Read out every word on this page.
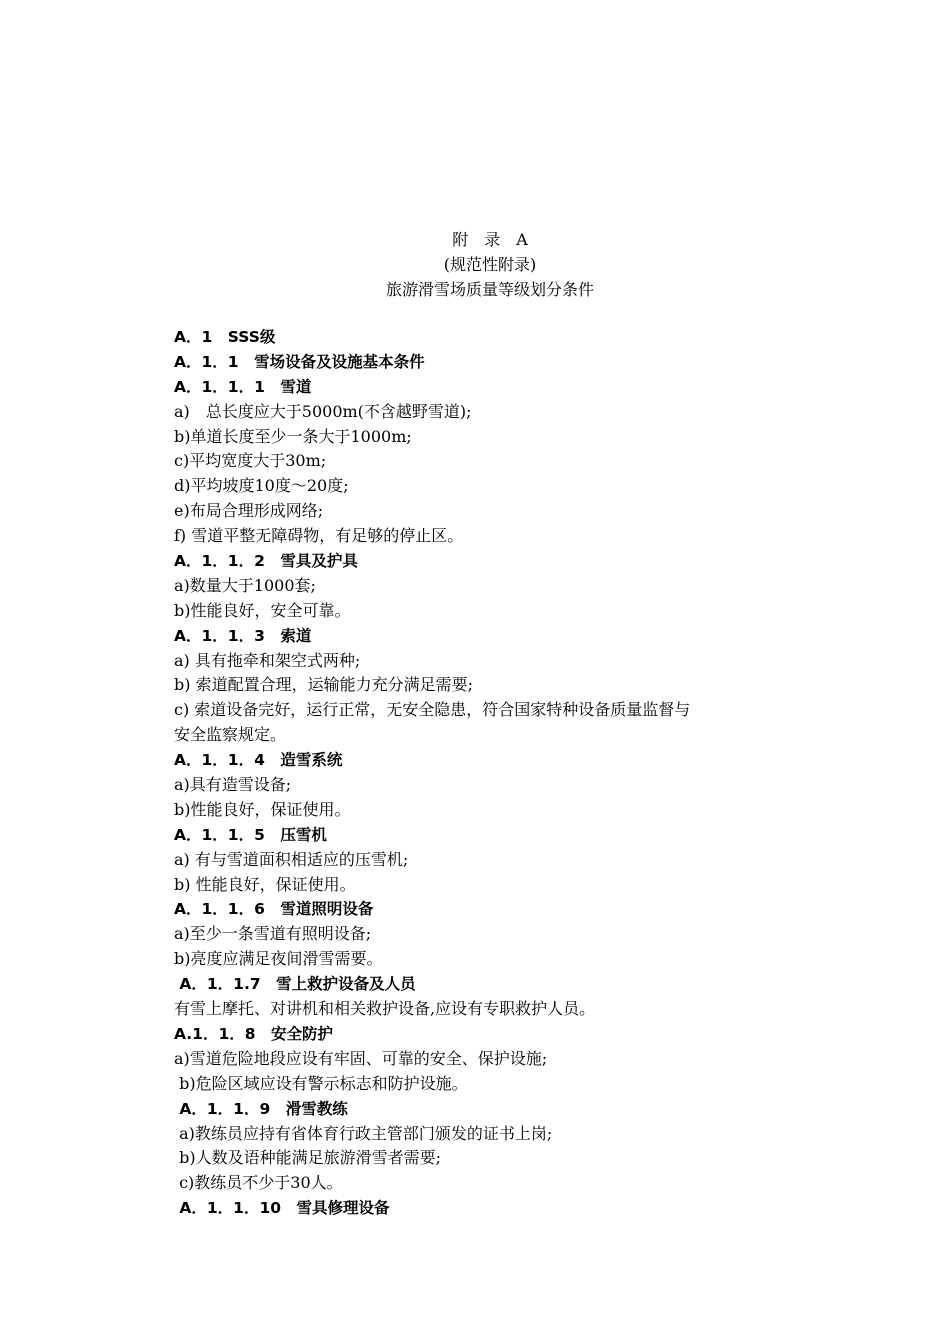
附　录　A
(规范性附录)
旅游滑雪场质量等级划分条件
A．1　SSS级
A．1．1　雪场设备及设施基本条件
A．1．1．1　雪道
a)　总长度应大于5000m(不含越野雪道);
b)单道长度至少一条大于1000m;
c)平均宽度大于30m;
d)平均坡度10度～20度;
e)布局合理形成网络;
f) 雪道平整无障碍物，有足够的停止区。
A．1．1．2　雪具及护具
a)数量大于1000套;
b)性能良好，安全可靠。
A．1．1．3　索道
a) 具有拖牵和架空式两种;
b) 索道配置合理，运输能力充分满足需要;
c) 索道设备完好，运行正常，无安全隐患，符合国家特种设备质量监督与
安全监察规定。
A．1．1．4　造雪系统
a)具有造雪设备;
b)性能良好，保证使用。
A．1．1．5　压雪机
a) 有与雪道面积相适应的压雪机;
b) 性能良好，保证使用。
A．1．1．6　雪道照明设备
a)至少一条雪道有照明设备;
b)亮度应满足夜间滑雪需要。
A．1．1.7　雪上救护设备及人员
有雪上摩托、对讲机和相关救护设备,应设有专职救护人员。
A.1．1．8　安全防护
a)雪道危险地段应设有牢固、可靠的安全、保护设施;
b)危险区域应设有警示标志和防护设施。
A．1．1．9　滑雪教练
a)教练员应持有省体育行政主管部门颁发的证书上岗;
b)人数及语种能满足旅游滑雪者需要;
c)教练员不少于30人。
A．1．1．10　雪具修理设备
